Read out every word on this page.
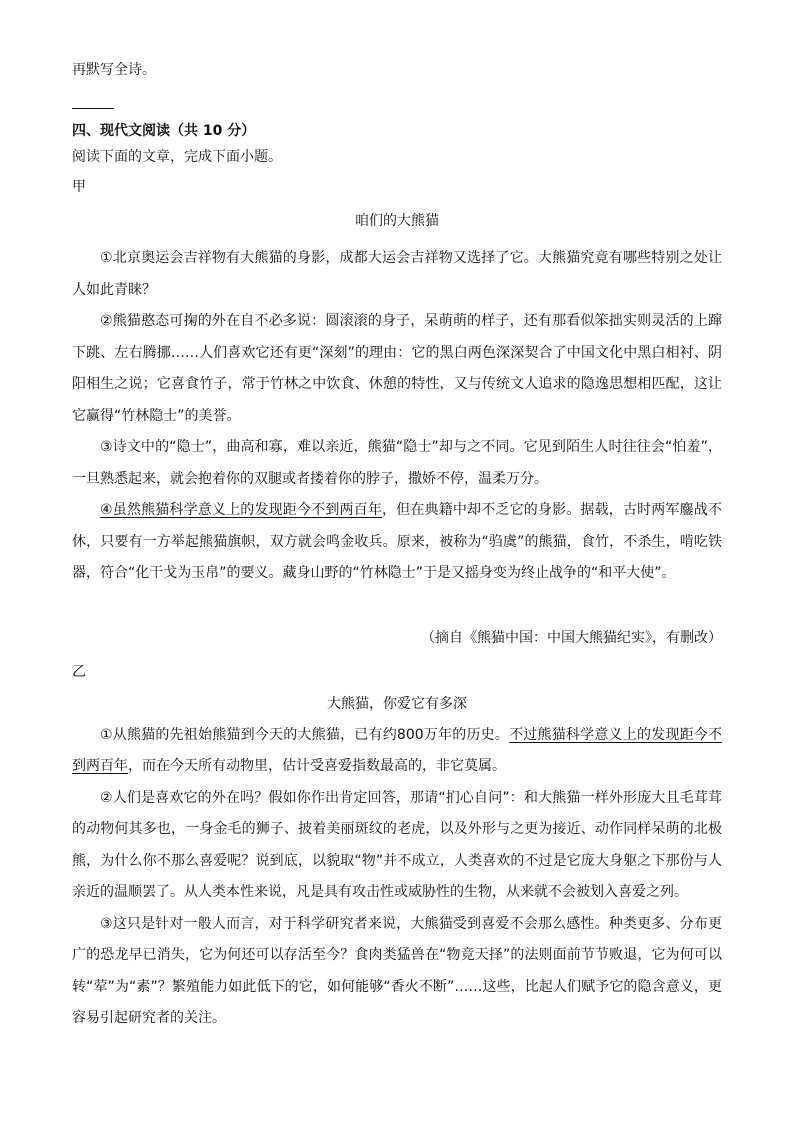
再默写全诗。

四、现代文阅读（共 10 分）

阅读下面的文章，完成下面小题。

甲

咱们的大熊猫

①北京奥运会吉祥物有大熊猫的身影，成都大运会吉祥物又选择了它。大熊猫究竟有哪些特别之处让人如此青睐？

②熊猫憨态可掬的外在自不必多说：圆滚滚的身子，呆萌萌的样子，还有那看似笨拙实则灵活的上蹿下跳、左右腾挪……人们喜欢它还有更“深刻”的理由：它的黑白两色深深契合了中国文化中黑白相衬、阴阳相生之说；它喜食竹子，常于竹林之中饮食、休憩的特性，又与传统文人追求的隐逸思想相匹配，这让它赢得“竹林隐士”的美誉。

③诗文中的“隐士”，曲高和寡，难以亲近，熊猫“隐士”却与之不同。它见到陌生人时往往会“怕羞”，一旦熟悉起来，就会抱着你的双腿或者搂着你的脖子，撒娇不停，温柔万分。

④虽然熊猫科学意义上的发现距今不到两百年，但在典籍中却不乏它的身影。据载，古时两军鏖战不休，只要有一方举起熊猫旗帜，双方就会鸣金收兵。原来，被称为“驺虞”的熊猫，食竹，不杀生，啃吃铁器，符合“化干戈为玉帛”的要义。藏身山野的“竹林隐士”于是又摇身变为终止战争的“和平大使”。

（摘自《熊猫中国：中国大熊猫纪实》，有删改）

乙

大熊猫，你爱它有多深

①从熊猫的先祖始熊猫到今天的大熊猫，已有约800万年的历史。不过熊猫科学意义上的发现距今不到两百年，而在今天所有动物里，估计受喜爱指数最高的，非它莫属。

②人们是喜欢它的外在吗？假如你作出肯定回答，那请“扪心自问”：和大熊猫一样外形庞大且毛茸茸的动物何其多也，一身金毛的狮子、披着美丽斑纹的老虎，以及外形与之更为接近、动作同样呆萌的北极熊，为什么你不那么喜爱呢？说到底，以貌取“物”并不成立，人类喜欢的不过是它庞大身躯之下那份与人亲近的温顺罢了。从人类本性来说，凡是具有攻击性或威胁性的生物，从来就不会被划入喜爱之列。

③这只是针对一般人而言，对于科学研究者来说，大熊猫受到喜爱不会那么感性。种类更多、分布更广的恐龙早已消失，它为何还可以存活至今？食肉类猛兽在“物竞天择”的法则面前节节败退，它为何可以转“荤”为“素”？繁殖能力如此低下的它，如何能够“香火不断”……这些，比起人们赋予它的隐含意义，更容易引起研究者的关注。
